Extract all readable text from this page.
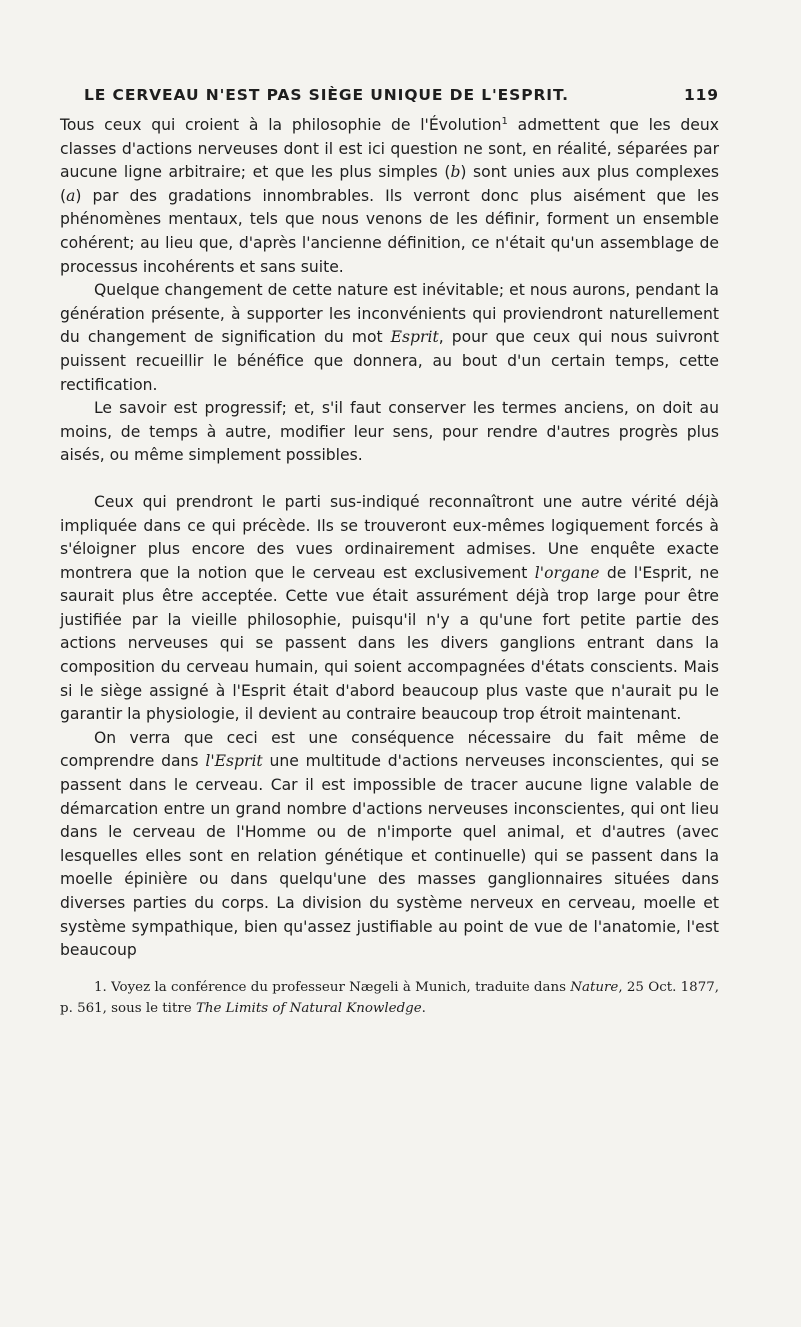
LE CERVEAU N'EST PAS SIÈGE UNIQUE DE L'ESPRIT.	119

Tous ceux qui croient à la philosophie de l'Évolution$^1$ admettent que les deux classes d'actions nerveuses dont il est ici question ne sont, en réalité, séparées par aucune ligne arbitraire; et que les plus simples (b) sont unies aux plus complexes (a) par des gradations innombrables. Ils verront donc plus aisément que les phénomènes mentaux, tels que nous venons de les définir, forment un ensemble cohérent; au lieu que, d'après l'ancienne définition, ce n'était qu'un assemblage de processus incohérents et sans suite.

Quelque changement de cette nature est inévitable; et nous aurons, pendant la génération présente, à supporter les inconvénients qui proviendront naturellement du changement de signification du mot Esprit, pour que ceux qui nous suivront puissent recueillir le bénéfice que donnera, au bout d'un certain temps, cette rectification.

Le savoir est progressif; et, s'il faut conserver les termes anciens, on doit au moins, de temps à autre, modifier leur sens, pour rendre d'autres progrès plus aisés, ou même simplement possibles.

Ceux qui prendront le parti sus-indiqué reconnaîtront une autre vérité déjà impliquée dans ce qui précède. Ils se trouveront eux-mêmes logiquement forcés à s'éloigner plus encore des vues ordinairement admises. Une enquête exacte montrera que la notion que le cerveau est exclusivement l'organe de l'Esprit, ne saurait plus être acceptée. Cette vue était assurément déjà trop large pour être justifiée par la vieille philosophie, puisqu'il n'y a qu'une fort petite partie des actions nerveuses qui se passent dans les divers ganglions entrant dans la composition du cerveau humain, qui soient accompagnées d'états conscients. Mais si le siège assigné à l'Esprit était d'abord beaucoup plus vaste que n'aurait pu le garantir la physiologie, il devient au contraire beaucoup trop étroit maintenant.

On verra que ceci est une conséquence nécessaire du fait même de comprendre dans l'Esprit une multitude d'actions nerveuses inconscientes, qui se passent dans le cerveau. Car il est impossible de tracer aucune ligne valable de démarcation entre un grand nombre d'actions nerveuses inconscientes, qui ont lieu dans le cerveau de l'Homme ou de n'importe quel animal, et d'autres (avec lesquelles elles sont en relation génétique et continuelle) qui se passent dans la moelle épinière ou dans quelqu'une des masses ganglionnaires situées dans diverses parties du corps. La division du système nerveux en cerveau, moelle et système sympathique, bien qu'assez justifiable au point de vue de l'anatomie, l'est beaucoup

1. Voyez la conférence du professeur Nægeli à Munich, traduite dans Nature, 25 Oct. 1877, p. 561, sous le titre The Limits of Natural Knowledge.
